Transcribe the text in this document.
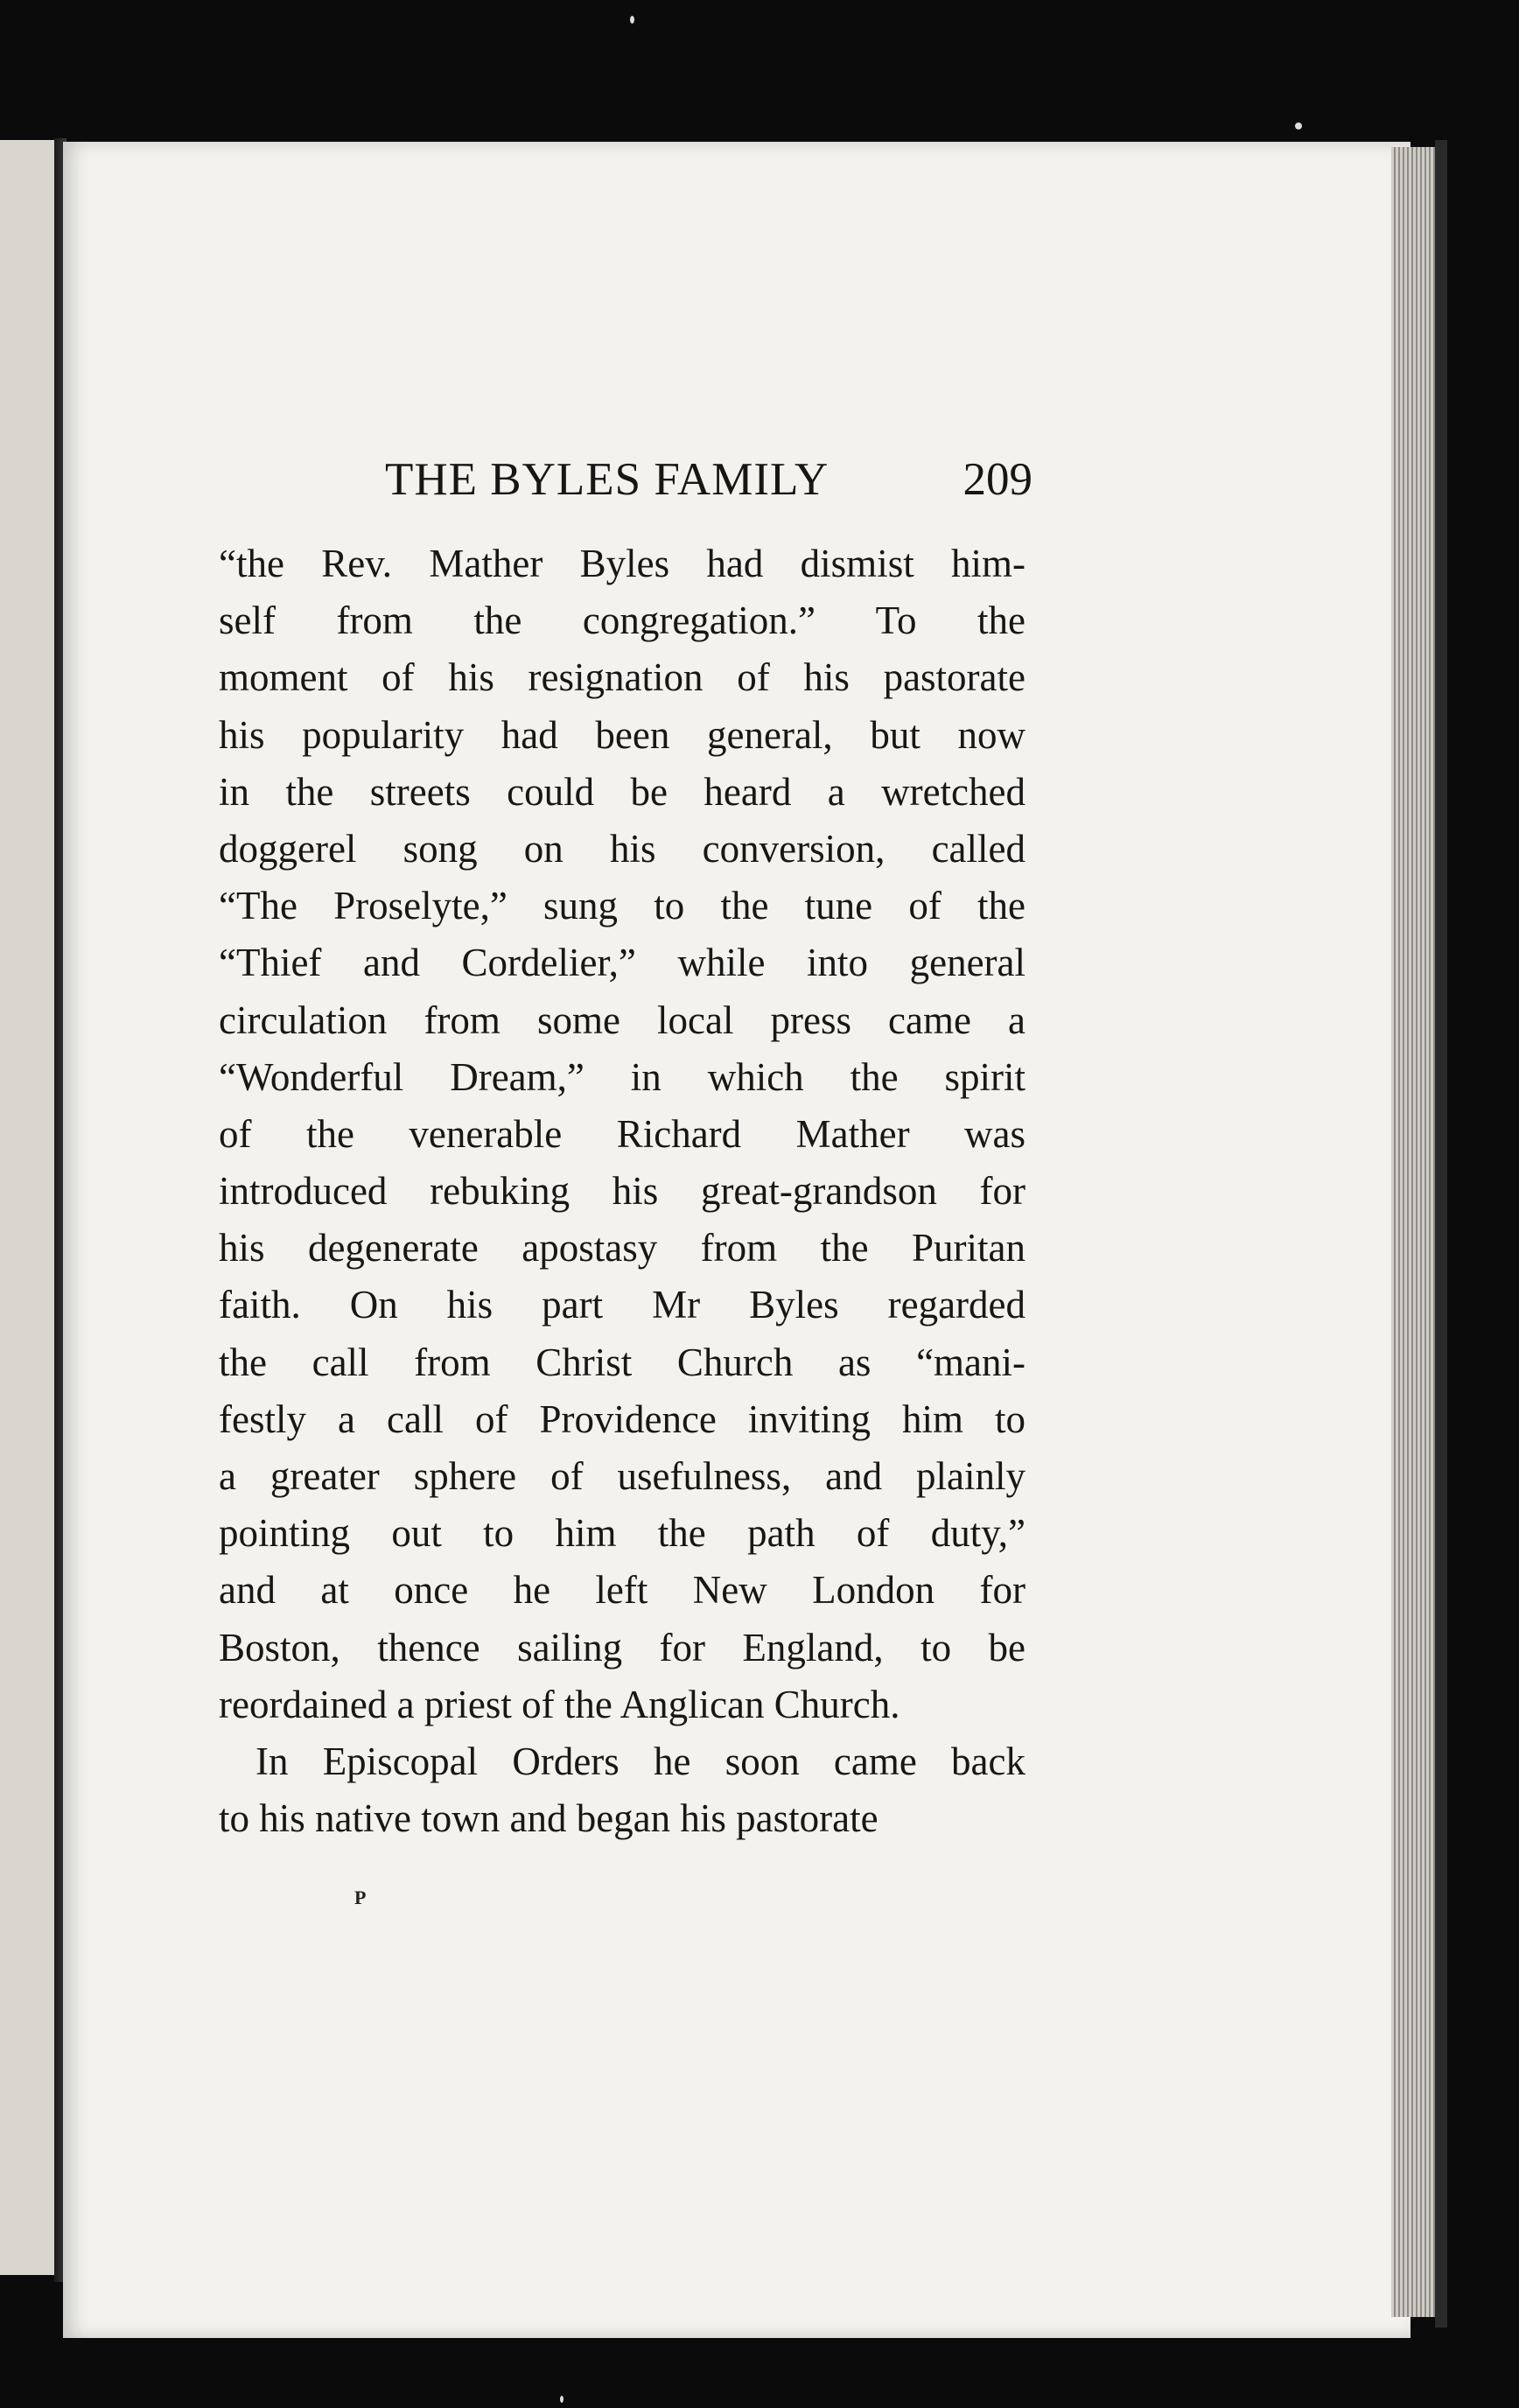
THE BYLES FAMILY	209
“the Rev. Mather Byles had dismist him-
self from the congregation.” To the
moment of his resignation of his pastorate
his popularity had been general, but now
in the streets could be heard a wretched
doggerel song on his conversion, called
“The Proselyte,” sung to the tune of the
“Thief and Cordelier,” while into general
circulation from some local press came a
“Wonderful Dream,” in which the spirit
of the venerable Richard Mather was
introduced rebuking his great-grandson for
his degenerate apostasy from the Puritan
faith. On his part Mr Byles regarded
the call from Christ Church as “mani-
festly a call of Providence inviting him to
a greater sphere of usefulness, and plainly
pointing out to him the path of duty,”
and at once he left New London for
Boston, thence sailing for England, to be
reordained a priest of the Anglican Church.
In Episcopal Orders he soon came back
to his native town and began his pastorate
P
